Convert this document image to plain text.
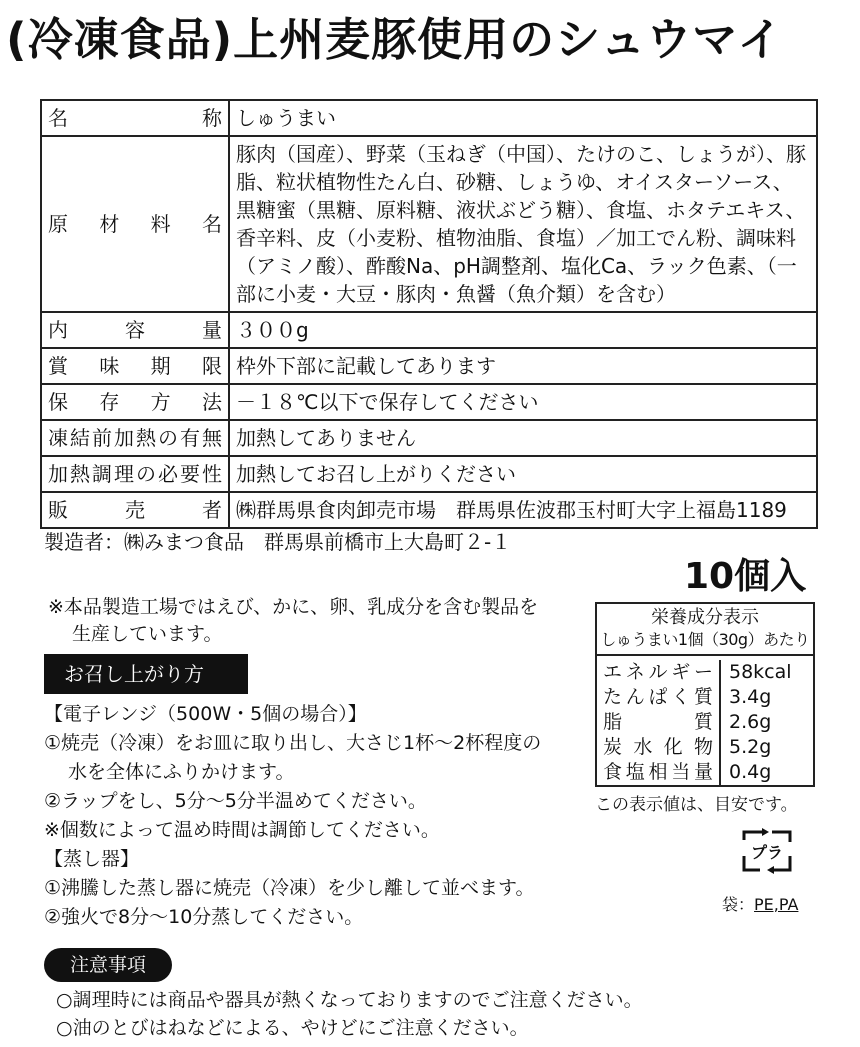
(冷凍食品)上州麦豚使用のシュウマイ
名　　　　称	しゅうまい
原　材　料　名	豚肉（国産）、野菜（玉ねぎ（中国）、たけのこ、しょうが）、豚脂、粒状植物性たん白、砂糖、しょうゆ、オイスターソース、黒糖蜜（黒糖、原料糖、液状ぶどう糖）、食塩、ホタテエキス、香辛料、皮（小麦粉、植物油脂、食塩）／加工でん粉、調味料（アミノ酸）、酢酸Na、pH調整剤、塩化Ca、ラック色素、（一部に小麦・大豆・豚肉・魚醤（魚介類）を含む）
内　容　量	３００g
賞　味　期　限	枠外下部に記載してあります
保　存　方　法	－１８℃以下で保存してください
凍結前加熱の有無	加熱してありません
加熱調理の必要性	加熱してお召し上がりください
販　　売　　者	㈱群馬県食肉卸売市場　群馬県佐波郡玉村町大字上福島1189
製造者：㈱みまつ食品　群馬県前橋市上大島町２-１
10個入
※本品製造工場ではえび、かに、卵、乳成分を含む製品を
生産しています。
栄養成分表示
しゅうまい1個（30g）あたり
エネルギー	58kcal
たんぱく質	3.4g
脂　　　質	2.6g
炭水化物	5.2g
食塩相当量	0.4g
この表示値は、目安です。
プラ
袋：PE,PA
お召し上がり方
【電子レンジ（500W・5個の場合）】
①焼売（冷凍）をお皿に取り出し、大さじ1杯～2杯程度の
水を全体にふりかけます。
②ラップをし、5分～5分半温めてください。
※個数によって温め時間は調節してください。
【蒸し器】
①沸騰した蒸し器に焼売（冷凍）を少し離して並べます。
②強火で8分～10分蒸してください。
注意事項
○調理時には商品や器具が熱くなっておりますのでご注意ください。
○油のとびはねなどによる、やけどにご注意ください。
